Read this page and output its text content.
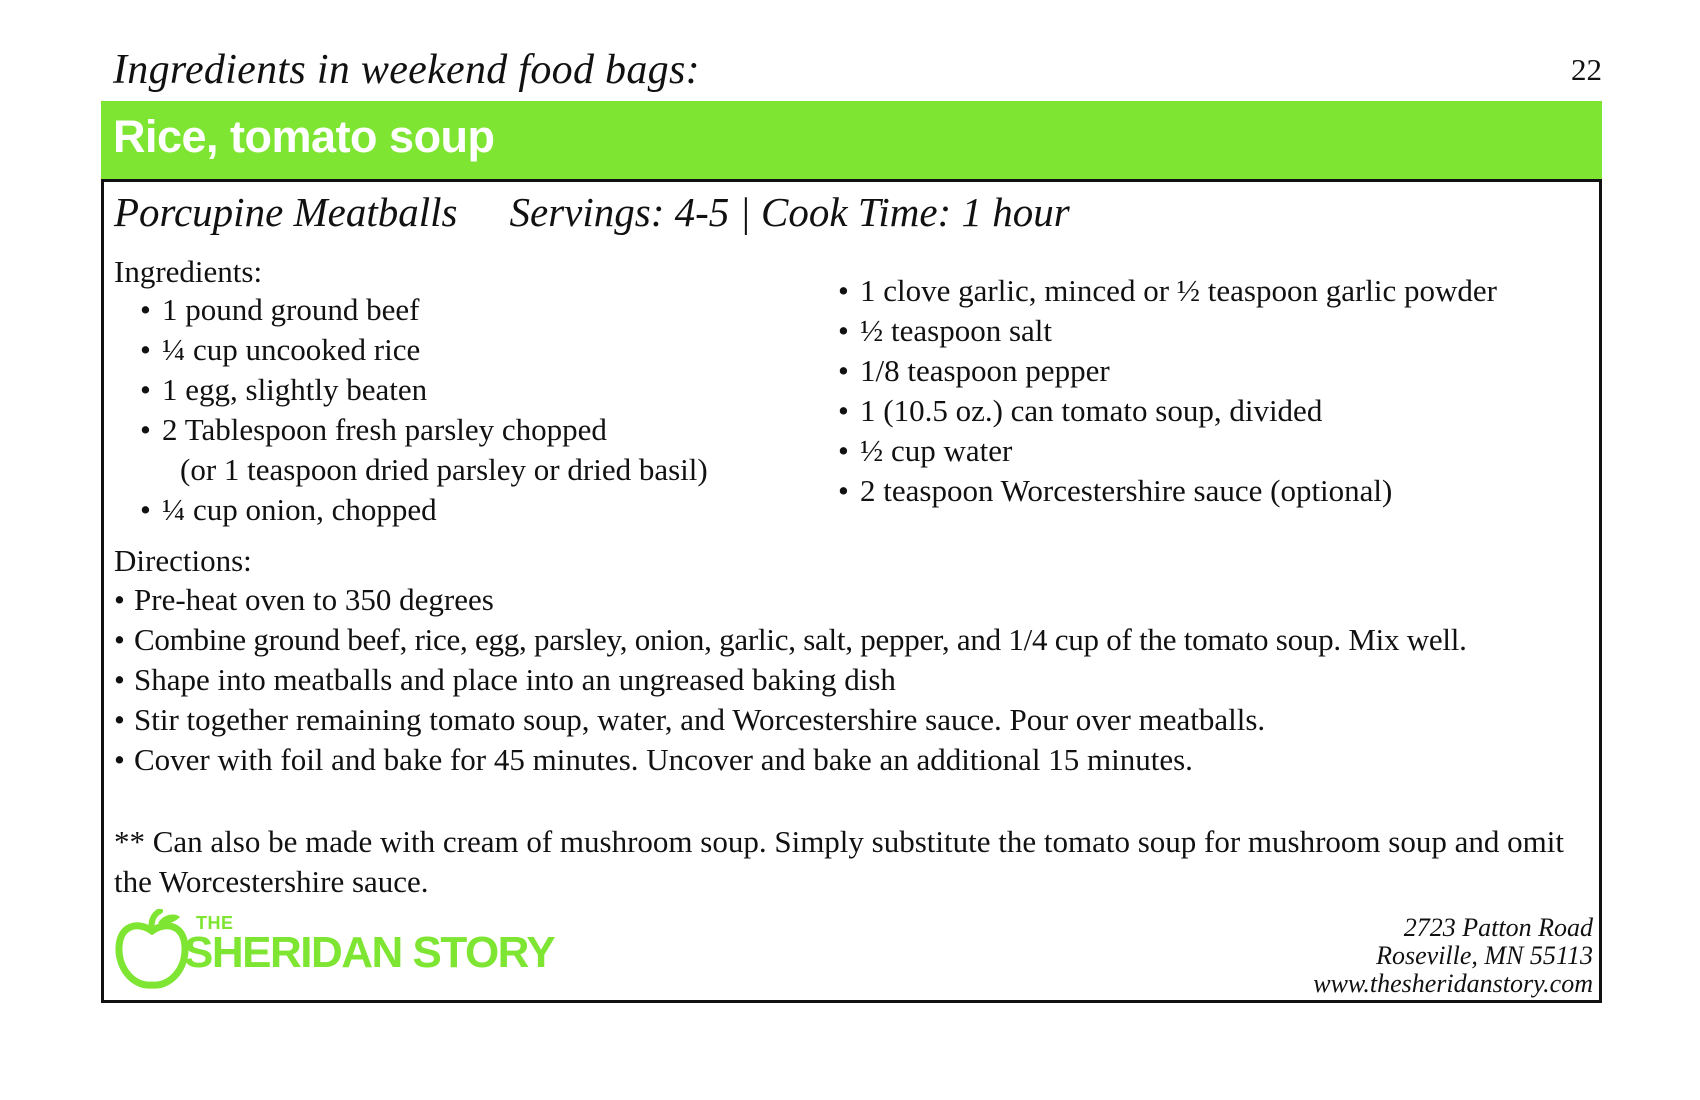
Ingredients in weekend food bags:	22
Rice, tomato soup
Porcupine Meatballs Servings: 4-5 | Cook Time: 1 hour
Ingredients:
• 1 pound ground beef
• ¼ cup uncooked rice
• 1 egg, slightly beaten
• 2 Tablespoon fresh parsley chopped
(or 1 teaspoon dried parsley or dried basil)
• ¼ cup onion, chopped
• 1 clove garlic, minced or ½ teaspoon garlic powder
• ½ teaspoon salt
• 1/8 teaspoon pepper
• 1 (10.5 oz.) can tomato soup, divided
• ½ cup water
• 2 teaspoon Worcestershire sauce (optional)
Directions:
• Pre-heat oven to 350 degrees
• Combine ground beef, rice, egg, parsley, onion, garlic, salt, pepper, and 1/4 cup of the tomato soup. Mix well.
• Shape into meatballs and place into an ungreased baking dish
• Stir together remaining tomato soup, water, and Worcestershire sauce. Pour over meatballs.
• Cover with foil and bake for 45 minutes. Uncover and bake an additional 15 minutes.
** Can also be made with cream of mushroom soup. Simply substitute the tomato soup for mushroom soup and omit the Worcestershire sauce.
THE
SHERIDAN STORY
2723 Patton Road
Roseville, MN 55113
www.thesheridanstory.com
